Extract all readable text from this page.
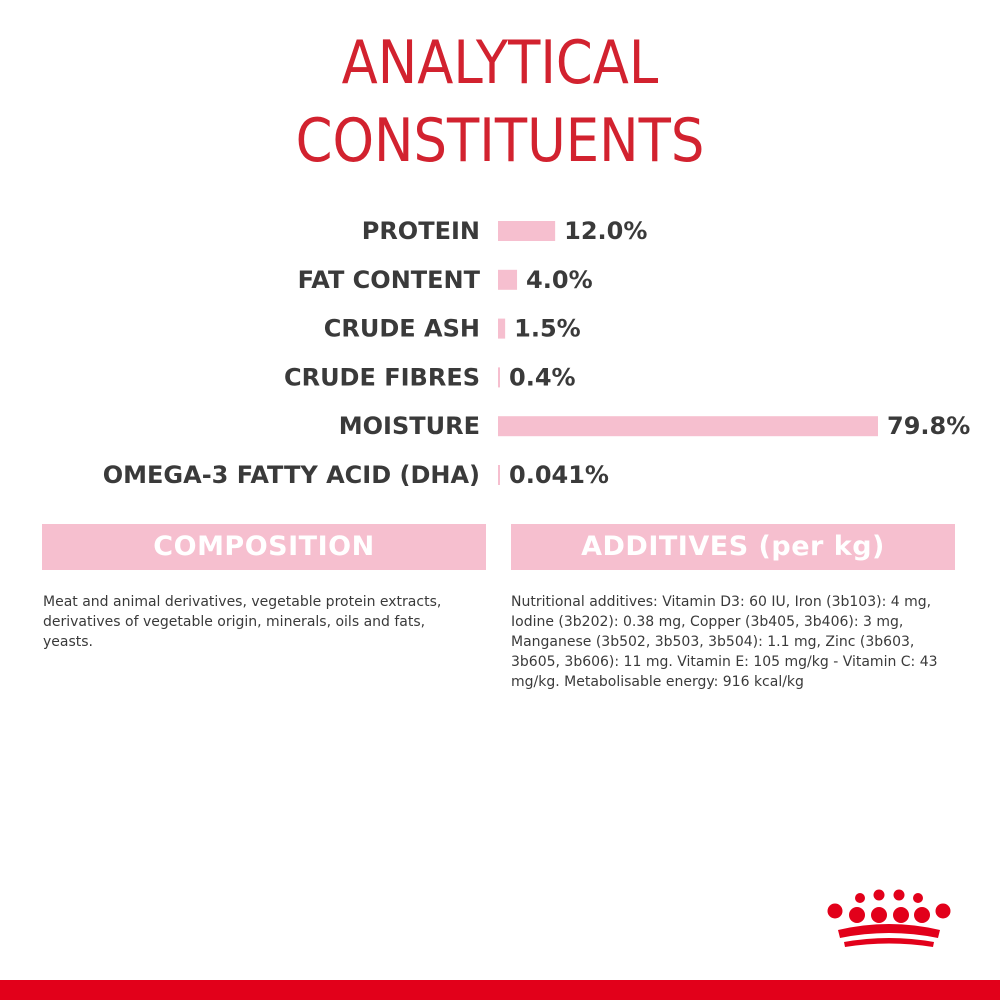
ANALYTICAL
CONSTITUENTS
PROTEIN	12.0%
FAT CONTENT 4.0%
CRUDE ASH 1.5%
CRUDE FIBRES 0.4%
MOISTURE	79.8%
OMEGA-3 FATTY ACID (DHA) 0.041%
COMPOSITION	ADDITIVES (per kg)

Meat and animal derivatives, vegetable protein extracts, derivatives of vegetable origin, minerals, oils and fats, yeasts.

Nutritional additives: Vitamin D3: 60 IU, Iron (3b103): 4 mg, Iodine (3b202): 0.38 mg, Copper (3b405, 3b406): 3 mg, Manganese (3b502, 3b503, 3b504): 1.1 mg, Zinc (3b603, 3b605, 3b606): 11 mg. Vitamin E: 105 mg/kg - Vitamin C: 43 mg/kg. Metabolisable energy: 916 kcal/kg
